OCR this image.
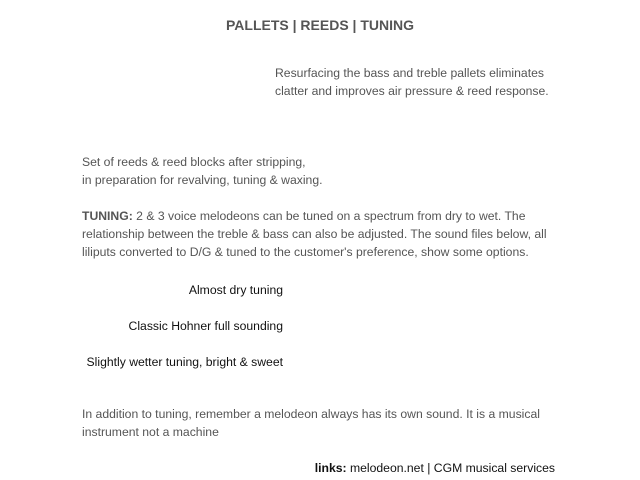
PALLETS | REEDS | TUNING
Resurfacing the bass and treble pallets eliminates
clatter and improves air pressure & reed response.
Set of reeds & reed blocks after stripping,
in preparation for revalving, tuning & waxing.
TUNING: 2 & 3 voice melodeons can be tuned on a spectrum from dry to wet. The
relationship between the treble & bass can also be adjusted. The sound files below, all
liliputs converted to D/G & tuned to the customer's preference, show some options.
Almost dry tuning
Classic Hohner full sounding
Slightly wetter tuning, bright & sweet
In addition to tuning, remember a melodeon always has its own sound. It is a musical
instrument not a machine
links: melodeon.net | CGM musical services
